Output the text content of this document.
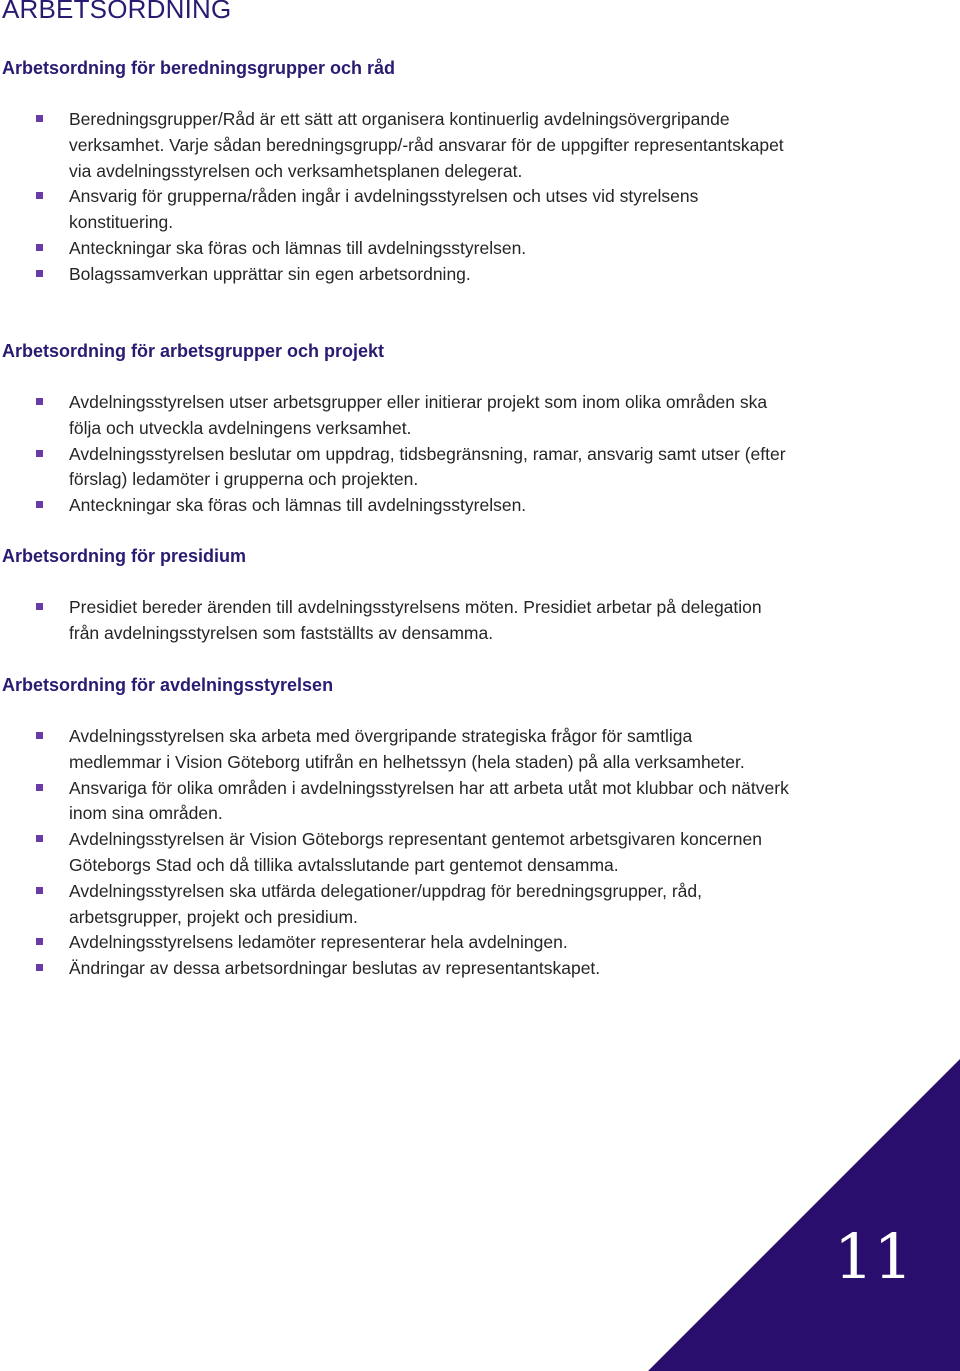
ARBETSORDNING
Arbetsordning för beredningsgrupper och råd
Beredningsgrupper/Råd är ett sätt att organisera kontinuerlig avdelningsövergripande verksamhet. Varje sådan beredningsgrupp/-råd ansvarar för de uppgifter representantskapet via avdelningsstyrelsen och verksamhetsplanen delegerat.
Ansvarig för grupperna/råden ingår i avdelningsstyrelsen och utses vid styrelsens konstituering.
Anteckningar ska föras och lämnas till avdelningsstyrelsen.
Bolagssamverkan upprättar sin egen arbetsordning.
Arbetsordning för arbetsgrupper och projekt
Avdelningsstyrelsen utser arbetsgrupper eller initierar projekt som inom olika områden ska följa och utveckla avdelningens verksamhet.
Avdelningsstyrelsen beslutar om uppdrag, tidsbegränsning, ramar, ansvarig samt utser (efter förslag) ledamöter i grupperna och projekten.
Anteckningar ska föras och lämnas till avdelningsstyrelsen.
Arbetsordning för presidium
Presidiet bereder ärenden till avdelningsstyrelsens möten. Presidiet arbetar på delegation från avdelningsstyrelsen som fastställts av densamma.
Arbetsordning för avdelningsstyrelsen
Avdelningsstyrelsen ska arbeta med övergripande strategiska frågor för samtliga medlemmar i Vision Göteborg utifrån en helhetssyn (hela staden) på alla verksamheter.
Ansvariga för olika områden i avdelningsstyrelsen har att arbeta utåt mot klubbar och nätverk inom sina områden.
Avdelningsstyrelsen är Vision Göteborgs representant gentemot arbetsgivaren koncernen Göteborgs Stad och då tillika avtalsslutande part gentemot densamma.
Avdelningsstyrelsen ska utfärda delegationer/uppdrag för beredningsgrupper, råd, arbetsgrupper, projekt och presidium.
Avdelningsstyrelsens ledamöter representerar hela avdelningen.
Ändringar av dessa arbetsordningar beslutas av representantskapet.
11
